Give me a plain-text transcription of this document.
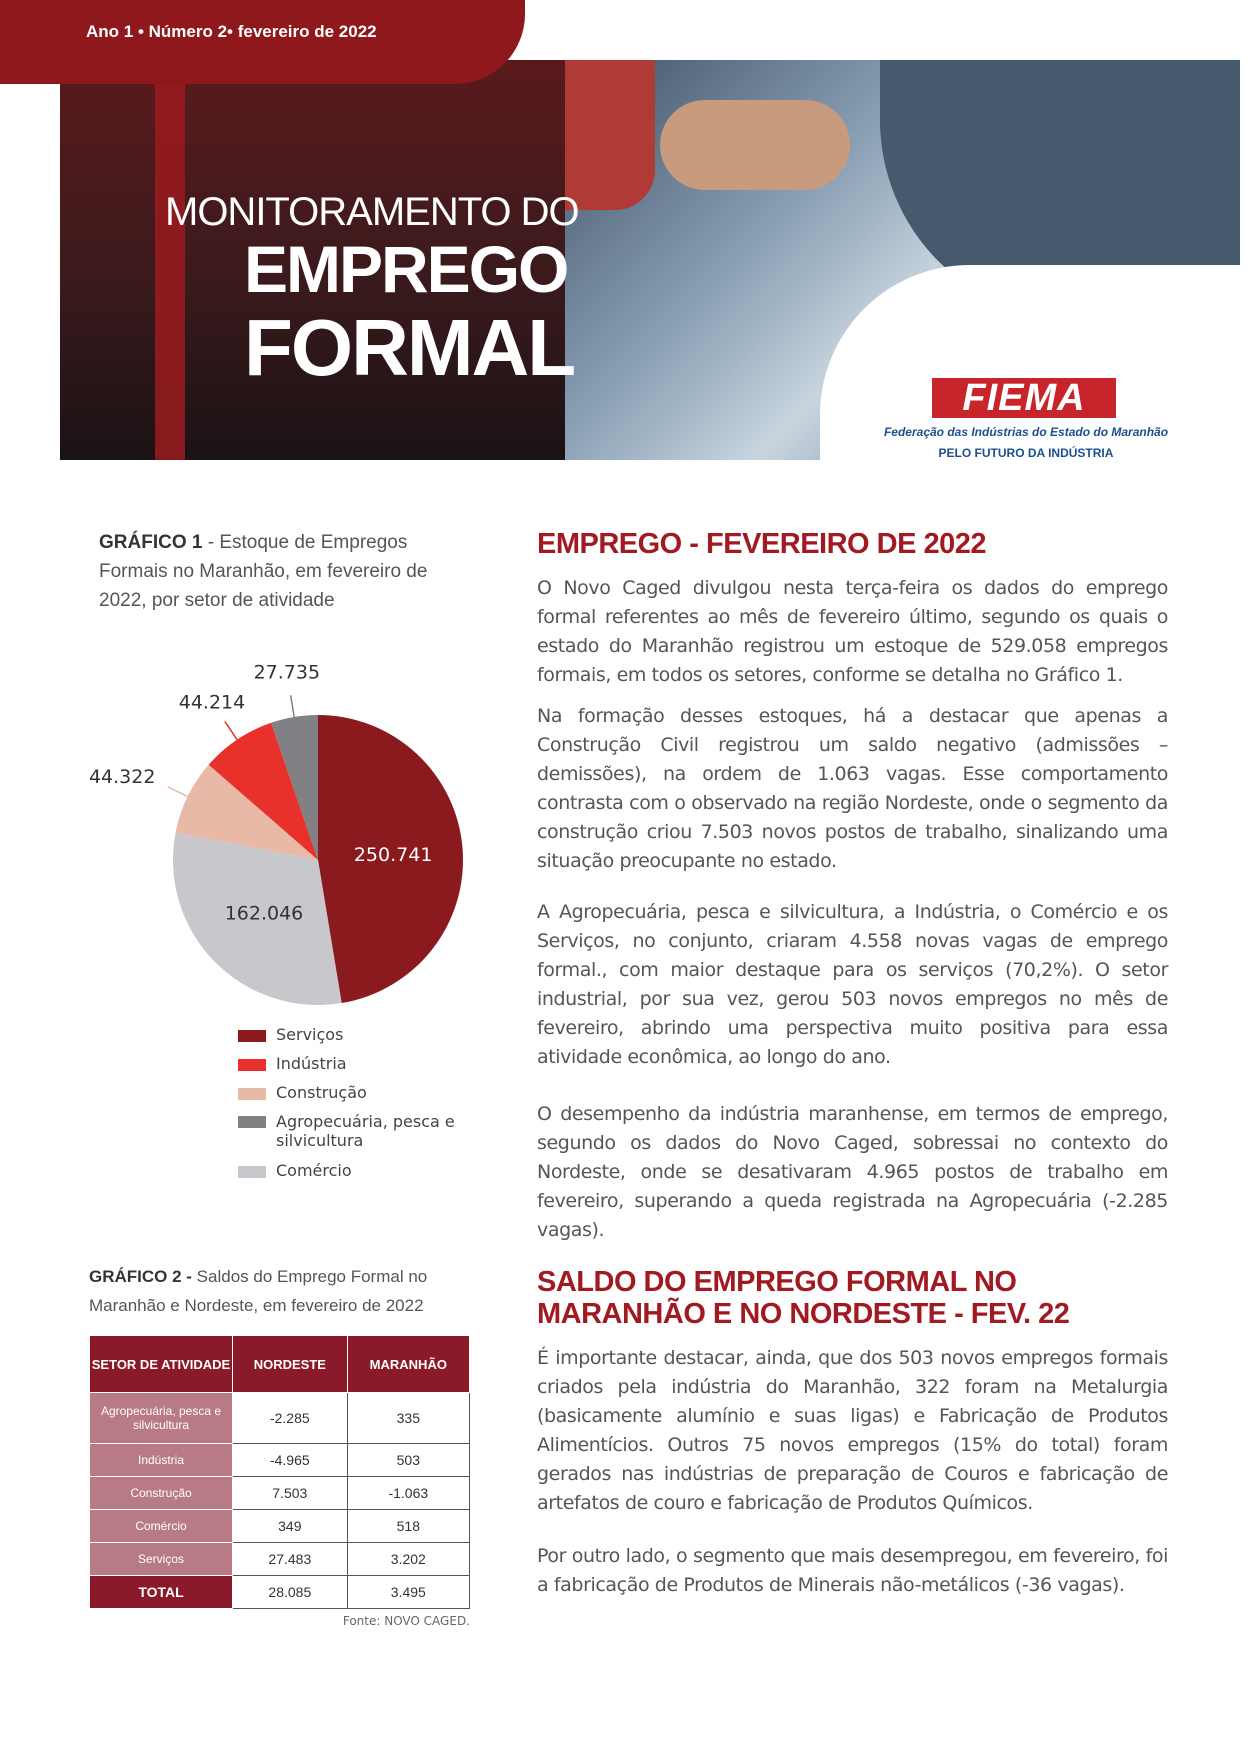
Ano 1 • Número 2• fevereiro de 2022
MONITORAMENTO DO
EMPREGO
FORMAL
FIEMA
Federação das Indústrias do Estado do Maranhão
PELO FUTURO DA INDÚSTRIA
GRÁFICO 1 - Estoque de Empregos Formais no Maranhão, em fevereiro de 2022, por setor de atividade
250.741
162.046
44.322
44.214
27.735
Serviços
Indústria
Construção
Agropecuária, pesca e
silvicultura
Comércio
GRÁFICO 2 - Saldos do Emprego Formal no Maranhão e Nordeste, em fevereiro de 2022
SETOR DE ATIVIDADE	NORDESTE	MARANHÃO
Agropecuária, pesca e silvicultura	-2.285	335
Indústria	-4.965	503
Construção	7.503	-1.063
Comércio	349	518
Serviços	27.483	3.202
TOTAL	28.085	3.495
Fonte: NOVO CAGED.
EMPREGO - FEVEREIRO DE 2022
O Novo Caged divulgou nesta terça-feira os dados do emprego formal referentes ao mês de fevereiro último, segundo os quais o estado do Maranhão registrou um estoque de 529.058 empregos formais, em todos os setores, conforme se detalha no Gráfico 1.
Na formação desses estoques, há a destacar que apenas a Construção Civil registrou um saldo negativo (admissões – demissões), na ordem de 1.063 vagas. Esse comportamento contrasta com o observado na região Nordeste, onde o segmento da construção criou 7.503 novos postos de trabalho, sinalizando uma situação preocupante no estado.
A Agropecuária, pesca e silvicultura, a Indústria, o Comércio e os Serviços, no conjunto, criaram 4.558 novas vagas de emprego formal., com maior destaque para os serviços (70,2%). O setor industrial, por sua vez, gerou 503 novos empregos no mês de fevereiro, abrindo uma perspectiva muito positiva para essa atividade econômica, ao longo do ano.
O desempenho da indústria maranhense, em termos de emprego, segundo os dados do Novo Caged, sobressai no contexto do Nordeste, onde se desativaram 4.965 postos de trabalho em fevereiro, superando a queda registrada na Agropecuária (-2.285 vagas).
SALDO DO EMPREGO FORMAL NO
MARANHÃO E NO NORDESTE - FEV. 22
É importante destacar, ainda, que dos 503 novos empregos formais criados pela indústria do Maranhão, 322 foram na Metalurgia (basicamente alumínio e suas ligas) e Fabricação de Produtos Alimentícios. Outros 75 novos empregos (15% do total) foram gerados nas indústrias de preparação de Couros e fabricação de artefatos de couro e fabricação de Produtos Químicos.
Por outro lado, o segmento que mais desempregou, em fevereiro, foi a fabricação de Produtos de Minerais não-metálicos (-36 vagas).
